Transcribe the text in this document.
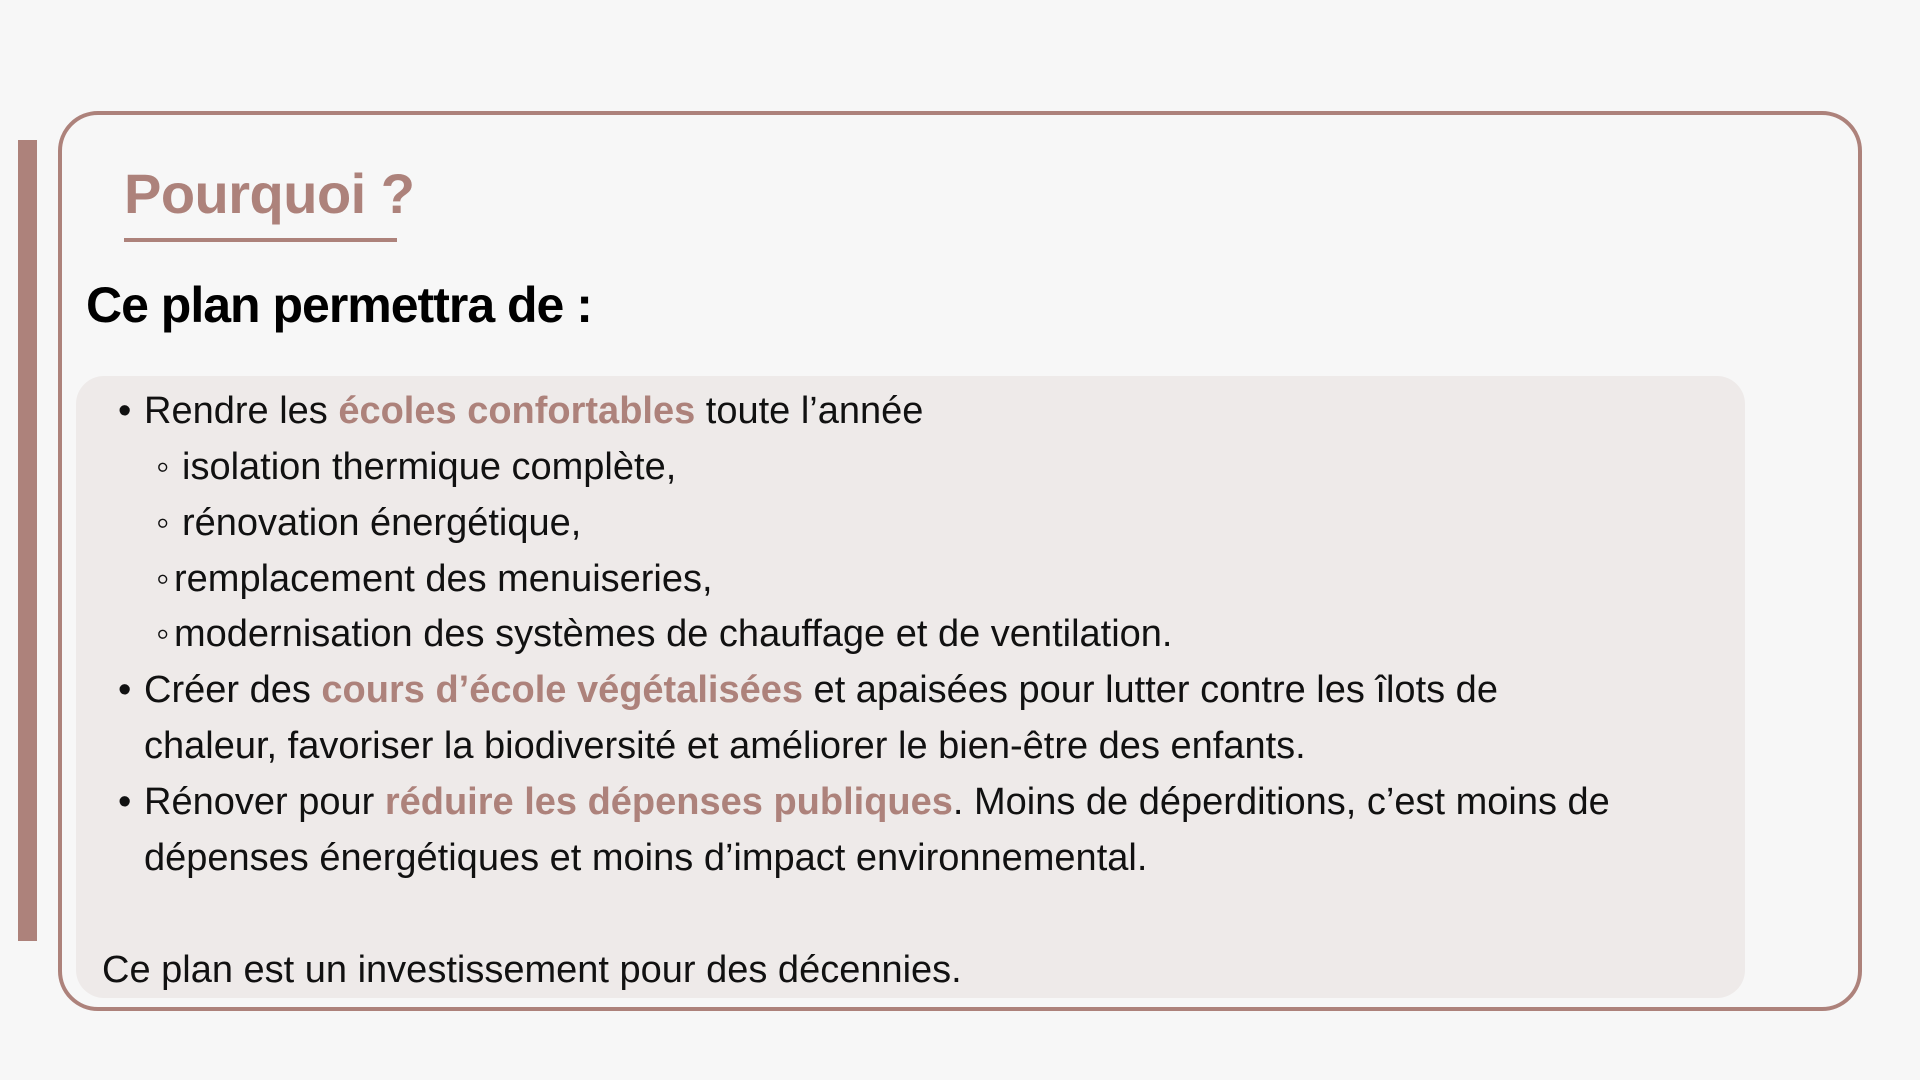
Pourquoi ?
Ce plan permettra de :
• Rendre les écoles confortables toute l’année
◦ isolation thermique complète,
◦ rénovation énergétique,
◦ remplacement des menuiseries,
◦ modernisation des systèmes de chauffage et de ventilation.
• Créer des cours d’école végétalisées et apaisées pour lutter contre les îlots de
chaleur, favoriser la biodiversité et améliorer le bien-être des enfants.
• Rénover pour réduire les dépenses publiques. Moins de déperditions, c’est moins de
dépenses énergétiques et moins d’impact environnemental.
Ce plan est un investissement pour des décennies.
